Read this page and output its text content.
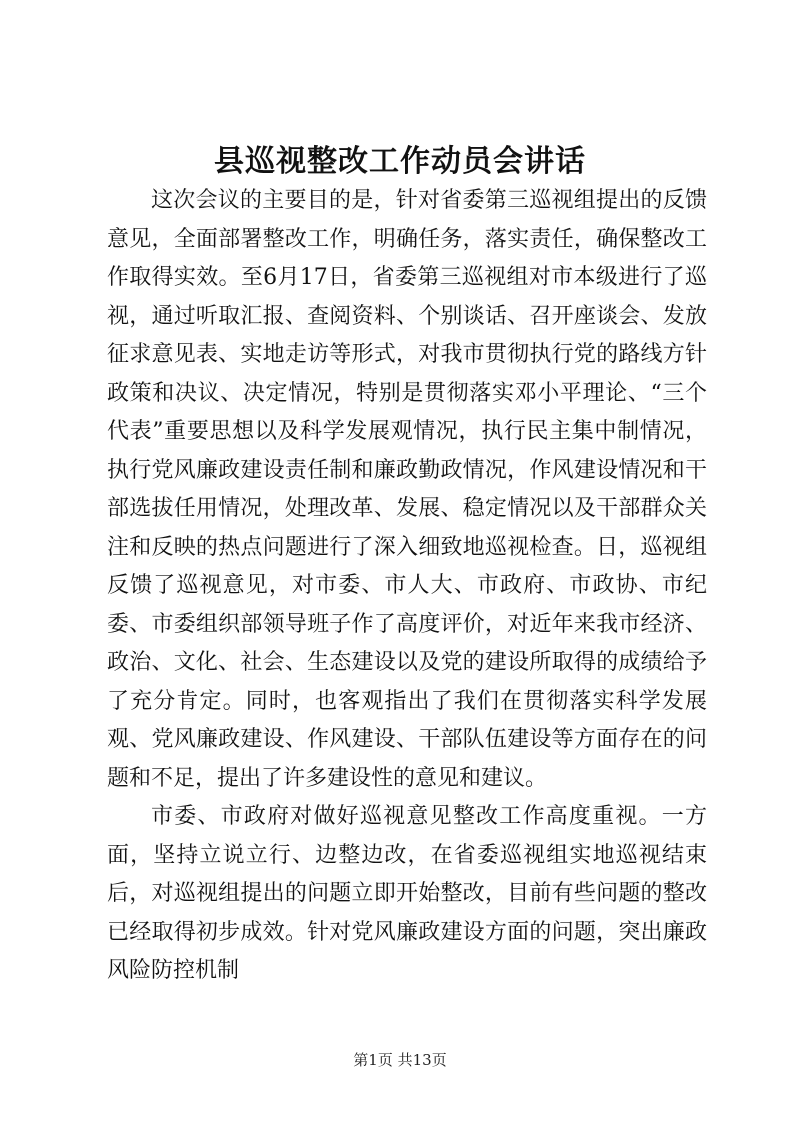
县巡视整改工作动员会讲话

这次会议的主要目的是，针对省委第三巡视组提出的反馈意见，全面部署整改工作，明确任务，落实责任，确保整改工作取得实效。至6月17日，省委第三巡视组对市本级进行了巡视，通过听取汇报、查阅资料、个别谈话、召开座谈会、发放征求意见表、实地走访等形式，对我市贯彻执行党的路线方针政策和决议、决定情况，特别是贯彻落实邓小平理论、“三个代表”重要思想以及科学发展观情况，执行民主集中制情况，执行党风廉政建设责任制和廉政勤政情况，作风建设情况和干部选拔任用情况，处理改革、发展、稳定情况以及干部群众关注和反映的热点问题进行了深入细致地巡视检查。日，巡视组反馈了巡视意见，对市委、市人大、市政府、市政协、市纪委、市委组织部领导班子作了高度评价，对近年来我市经济、政治、文化、社会、生态建设以及党的建设所取得的成绩给予了充分肯定。同时，也客观指出了我们在贯彻落实科学发展观、党风廉政建设、作风建设、干部队伍建设等方面存在的问题和不足，提出了许多建设性的意见和建议。

市委、市政府对做好巡视意见整改工作高度重视。一方面，坚持立说立行、边整边改，在省委巡视组实地巡视结束后，对巡视组提出的问题立即开始整改，目前有些问题的整改已经取得初步成效。针对党风廉政建设方面的问题，突出廉政风险防控机制

第1页 共13页
